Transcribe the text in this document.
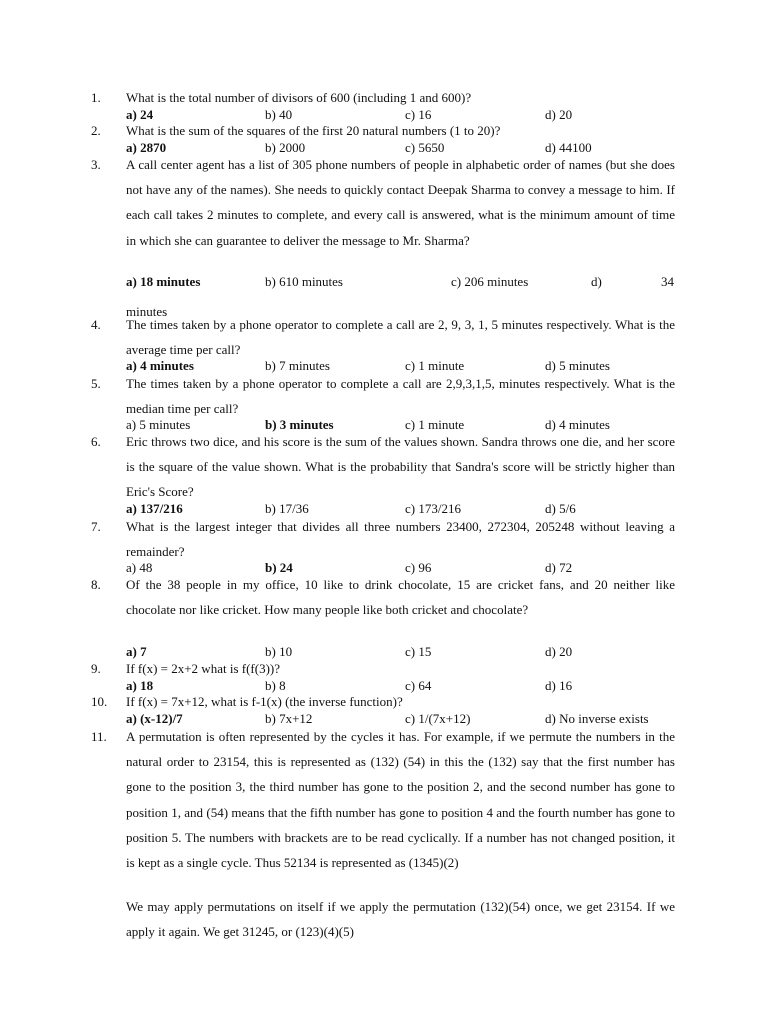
1.	What is the total number of divisors of 600 (including 1 and 600)?
a) 24	b) 40	c) 16	d) 20
2.	What is the sum of the squares of the first 20 natural numbers (1 to 20)?
a) 2870	b) 2000	c) 5650	d) 44100
3.	A call center agent has a list of 305 phone numbers of people in alphabetic order of names (but she does not have any of the names). She needs to quickly contact Deepak Sharma to convey a message to him. If each call takes 2 minutes to complete, and every call is answered, what is the minimum amount of time in which she can guarantee to deliver the message to Mr. Sharma?
a) 18 minutes	b) 610 minutes	c) 206 minutes	d)	34
minutes
4.	The times taken by a phone operator to complete a call are 2, 9, 3, 1, 5 minutes respectively. What is the average time per call?
a) 4 minutes	b) 7 minutes	c) 1 minute	d) 5 minutes
5.	The times taken by a phone operator to complete a call are 2,9,3,1,5, minutes respectively. What is the median time per call?
a) 5 minutes	b) 3 minutes	c) 1 minute	d) 4 minutes
6.	Eric throws two dice, and his score is the sum of the values shown. Sandra throws one die, and her score is the square of the value shown. What is the probability that Sandra's score will be strictly higher than Eric's Score?
a) 137/216	b) 17/36	c) 173/216	d) 5/6
7.	What is the largest integer that divides all three numbers 23400, 272304, 205248 without leaving a remainder?
a) 48	b) 24	c) 96	d) 72
8.	Of the 38 people in my office, 10 like to drink chocolate, 15 are cricket fans, and 20 neither like chocolate nor like cricket. How many people like both cricket and chocolate?
a) 7	b) 10	c) 15	d) 20
9.	If f(x) = 2x+2 what is f(f(3))?
a) 18	b) 8	c) 64	d) 16
10.	If f(x) = 7x+12, what is f-1(x) (the inverse function)?
a) (x-12)/7	b) 7x+12	c) 1/(7x+12)	d) No inverse exists
11.	A permutation is often represented by the cycles it has. For example, if we permute the numbers in the natural order to 23154, this is represented as (132) (54) in this the (132) say that the first number has gone to the position 3, the third number has gone to the position 2, and the second number has gone to position 1, and (54) means that the fifth number has gone to position 4 and the fourth number has gone to position 5. The numbers with brackets are to be read cyclically. If a number has not changed position, it is kept as a single cycle. Thus 52134 is represented as (1345)(2)
We may apply permutations on itself if we apply the permutation (132)(54) once, we get 23154. If we apply it again. We get 31245, or (123)(4)(5)
